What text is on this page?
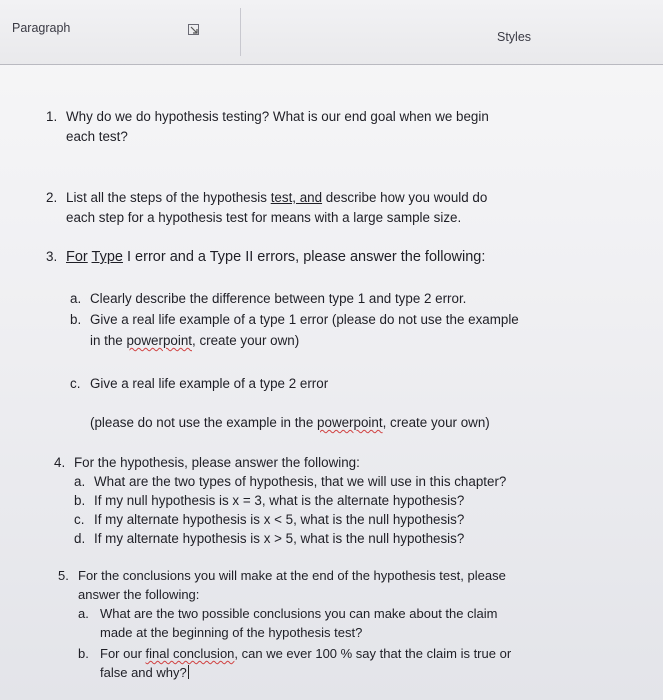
Paragraph
Styles
1. Why do we do hypothesis testing? What is our end goal when we begin
each test?
2. List all the steps of the hypothesis test, and describe how you would do
each step for a hypothesis test for means with a large sample size.
3. For Type I error and a Type II errors, please answer the following:
a. Clearly describe the difference between type 1 and type 2 error.
b. Give a real life example of a type 1 error (please do not use the example
in the powerpoint, create your own)
c. Give a real life example of a type 2 error
(please do not use the example in the powerpoint, create your own)
4. For the hypothesis, please answer the following:
a. What are the two types of hypothesis, that we will use in this chapter?
b. If my null hypothesis is x = 3, what is the alternate hypothesis?
c. If my alternate hypothesis is x < 5, what is the null hypothesis?
d. If my alternate hypothesis is x > 5, what is the null hypothesis?
5. For the conclusions you will make at the end of the hypothesis test, please
answer the following:
a. What are the two possible conclusions you can make about the claim
made at the beginning of the hypothesis test?
b. For our final conclusion, can we ever 100 % say that the claim is true or
false and why?
